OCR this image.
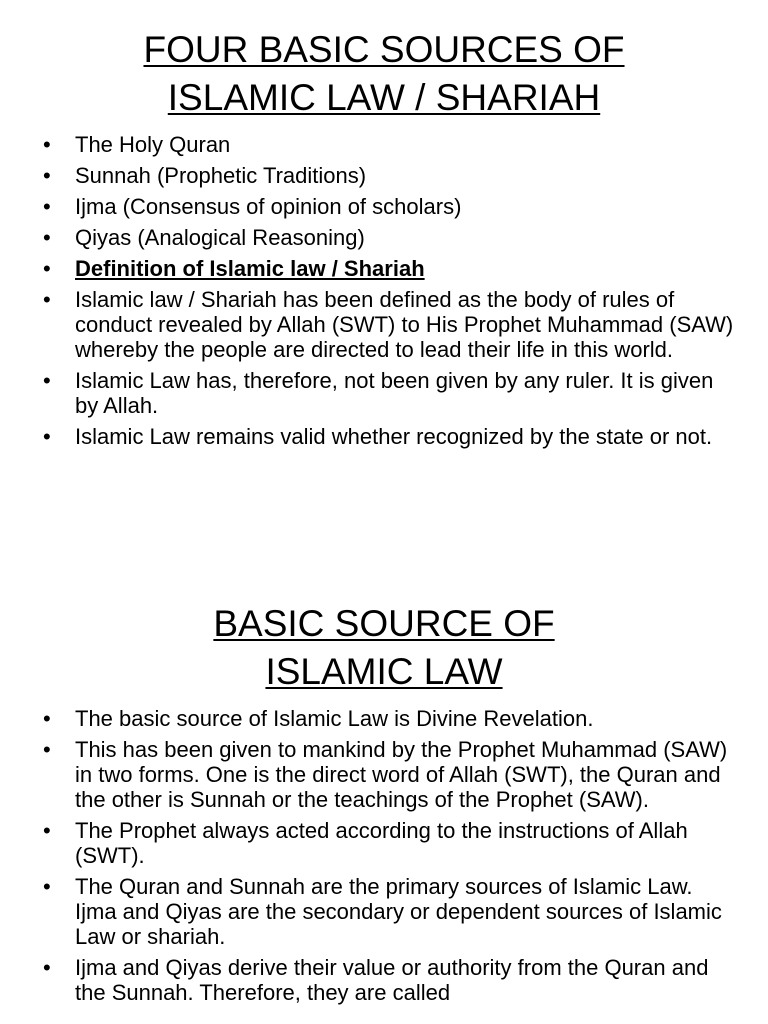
FOUR BASIC SOURCES OF
ISLAMIC LAW / SHARIAH
• The Holy Quran
• Sunnah (Prophetic Traditions)
• Ijma (Consensus of opinion of scholars)
• Qiyas (Analogical Reasoning)
• Definition of Islamic law / Shariah
• Islamic law / Shariah has been defined as the body of rules of conduct revealed by Allah (SWT) to His Prophet Muhammad (SAW) whereby the people are directed to lead their life in this world.
• Islamic Law has, therefore, not been given by any ruler. It is given by Allah.
• Islamic Law remains valid whether recognized by the state or not.
BASIC SOURCE OF
ISLAMIC LAW
• The basic source of Islamic Law is Divine Revelation.
• This has been given to mankind by the Prophet Muhammad (SAW) in two forms. One is the direct word of Allah (SWT), the Quran and the other is Sunnah or the teachings of the Prophet (SAW).
• The Prophet always acted according to the instructions of Allah (SWT).
• The Quran and Sunnah are the primary sources of Islamic Law. Ijma and Qiyas are the secondary or dependent sources of Islamic Law or shariah.
• Ijma and Qiyas derive their value or authority from the Quran and the Sunnah. Therefore, they are called
